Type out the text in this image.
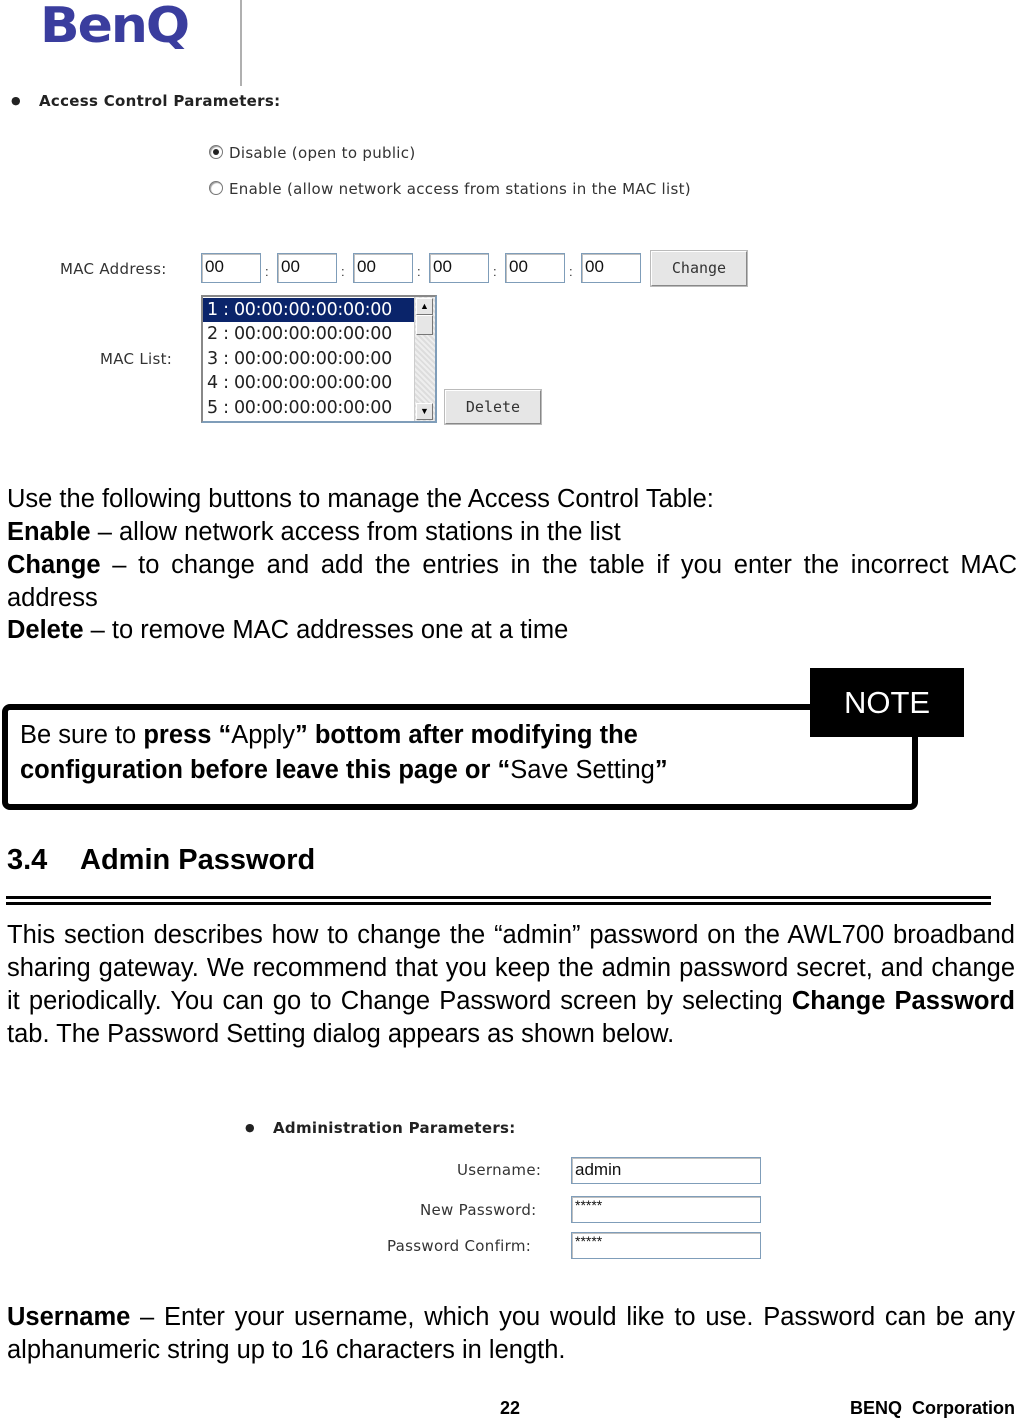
BenQ
● Access Control Parameters:
Disable (open to public)
Enable (allow network access from stations in the MAC list)
MAC Address: 00	: 00	: 00	: 00	: 00	: 00	Change
MAC List:
1 : 00:00:00:00:00:00
2 : 00:00:00:00:00:00
3 : 00:00:00:00:00:00
4 : 00:00:00:00:00:00
5 : 00:00:00:00:00:00
▲
▼	Delete
Use the following buttons to manage the Access Control Table:
Enable – allow network access from stations in the list
Change – to change and add the entries in the table if you enter the incorrect MAC address
Delete – to remove MAC addresses one at a time
Be sure to press “Apply” bottom after modifying the configuration before leave this page or “Save Setting”
NOTE
3.4 Admin Password
This section describes how to change the “admin” password on the AWL700 broadband sharing gateway. We recommend that you keep the admin password secret, and change it periodically. You can go to Change Password screen by selecting Change Password tab. The Password Setting dialog appears as shown below.
● Administration Parameters:
Username: admin
New Password:	*****
Password Confirm:	*****
Username – Enter your username, which you would like to use. Password can be any alphanumeric string up to 16 characters in length.
22	BENQ  Corporation
